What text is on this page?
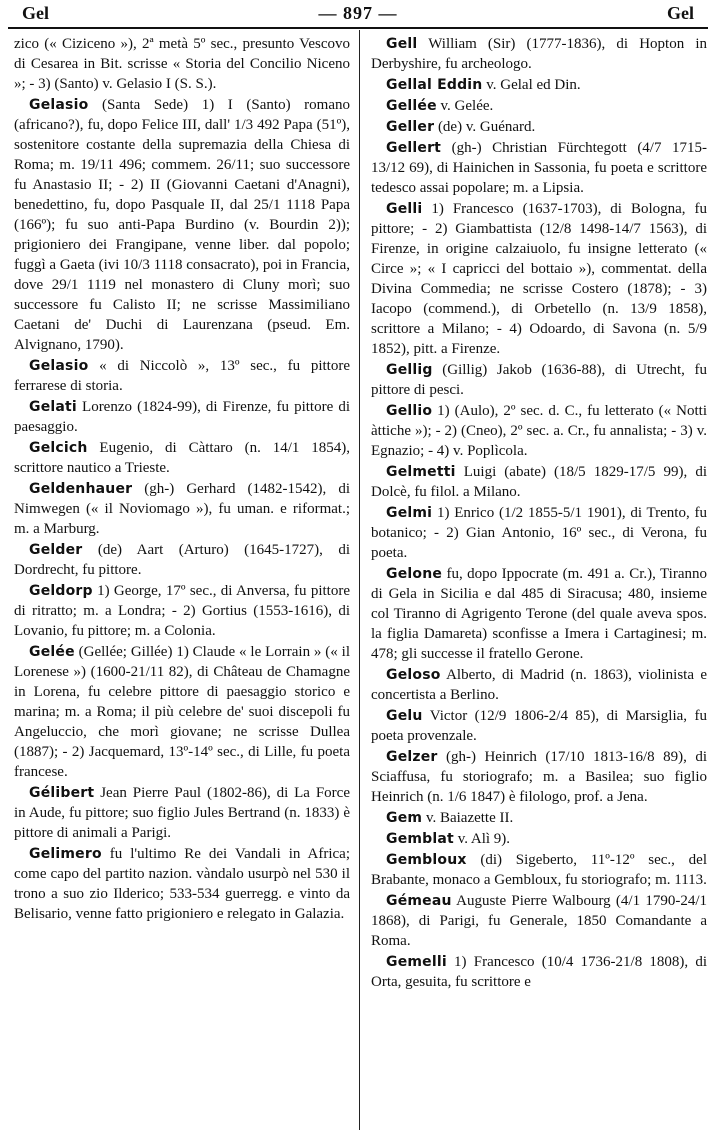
Gel	— 897 —	Gel

zico (« Ciziceno »), 2ª metà 5º sec., presunto Vescovo di Cesarea in Bit. scrisse « Storia del Concilio Niceno »; - 3) (Santo) v. Gelasio I (S. S.).

Gelasio (Santa Sede) 1) I (Santo) romano (africano?), fu, dopo Felice III, dall' 1/3 492 Papa (51º), sostenitore costante della supremazia della Chiesa di Roma; m. 19/11 496; commem. 26/11; suo successore fu Anastasio II; - 2) II (Giovanni Caetani d'Anagni), benedettino, fu, dopo Pasquale II, dal 25/1 1118 Papa (166º); fu suo anti-Papa Burdino (v. Bourdin 2)); prigioniero dei Frangipane, venne liber. dal popolo; fuggì a Gaeta (ivi 10/3 1118 consacrato), poi in Francia, dove 29/1 1119 nel monastero di Cluny morì; suo successore fu Calisto II; ne scrisse Massimiliano Caetani de' Duchi di Laurenzana (pseud. Em. Alvignano, 1790).

Gelasio « di Niccolò », 13º sec., fu pittore ferrarese di storia.

Gelati Lorenzo (1824-99), di Firenze, fu pittore di paesaggio.

Gelcich Eugenio, di Càttaro (n. 14/1 1854), scrittore nautico a Trieste.

Geldenhauer (gh-) Gerhard (1482-1542), di Nimwegen (« il Noviomago »), fu uman. e riformat.; m. a Marburg.

Gelder (de) Aart (Arturo) (1645-1727), di Dordrecht, fu pittore.

Geldorp 1) George, 17º sec., di Anversa, fu pittore di ritratto; m. a Londra; - 2) Gortius (1553-1616), di Lovanio, fu pittore; m. a Colonia.

Gelée (Gellée; Gillée) 1) Claude « le Lorrain » (« il Lorenese ») (1600-21/11 82), di Château de Chamagne in Lorena, fu celebre pittore di paesaggio storico e marina; m. a Roma; il più celebre de' suoi discepoli fu Angeluccio, che morì giovane; ne scrisse Dullea (1887); - 2) Jacquemard, 13º-14º sec., di Lille, fu poeta francese.

Gélibert Jean Pierre Paul (1802-86), di La Force in Aude, fu pittore; suo figlio Jules Bertrand (n. 1833) è pittore di animali a Parigi.

Gelimero fu l'ultimo Re dei Vandali in Africa; come capo del partito nazion. vàndalo usurpò nel 530 il trono a suo zio Ilderico; 533-534 guerregg. e vinto da Belisario, venne fatto prigioniero e relegato in Galazia.

Gell William (Sir) (1777-1836), di Hopton in Derbyshire, fu archeologo.

Gellal Eddin v. Gelal ed Din.

Gellée v. Gelée.

Geller (de) v. Guénard.

Gellert (gh-) Christian Fürchtegott (4/7 1715-13/12 69), di Hainichen in Sassonia, fu poeta e scrittore tedesco assai popolare; m. a Lipsia.

Gelli 1) Francesco (1637-1703), di Bologna, fu pittore; - 2) Giambattista (12/8 1498-14/7 1563), di Firenze, in origine calzaiuolo, fu insigne letterato (« Circe »; « I capricci del bottaio »), commentat. della Divina Commedia; ne scrisse Costero (1878); - 3) Iacopo (commend.), di Orbetello (n. 13/9 1858), scrittore a Milano; - 4) Odoardo, di Savona (n. 5/9 1852), pitt. a Firenze.

Gellig (Gillig) Jakob (1636-88), di Utrecht, fu pittore di pesci.

Gellio 1) (Aulo), 2º sec. d. C., fu letterato (« Notti àttiche »); - 2) (Cneo), 2º sec. a. Cr., fu annalista; - 3) v. Egnazio; - 4) v. Poplìcola.

Gelmetti Luigi (abate) (18/5 1829-17/5 99), di Dolcè, fu filol. a Milano.

Gelmi 1) Enrico (1/2 1855-5/1 1901), di Trento, fu botanico; - 2) Gian Antonio, 16º sec., di Verona, fu poeta.

Gelone fu, dopo Ippocrate (m. 491 a. Cr.), Tiranno di Gela in Sicilia e dal 485 di Siracusa; 480, insieme col Tiranno di Agrigento Terone (del quale aveva spos. la figlia Damareta) sconfisse a Imera i Cartaginesi; m. 478; gli successe il fratello Gerone.

Geloso Alberto, di Madrid (n. 1863), violinista e concertista a Berlino.

Gelu Victor (12/9 1806-2/4 85), di Marsiglia, fu poeta provenzale.

Gelzer (gh-) Heinrich (17/10 1813-16/8 89), di Sciaffusa, fu storiografo; m. a Basilea; suo figlio Heinrich (n. 1/6 1847) è filologo, prof. a Jena.

Gem v. Baiazette II.

Gemblat v. Alì 9).

Gembloux (di) Sigeberto, 11º-12º sec., del Brabante, monaco a Gembloux, fu storiografo; m. 1113.

Gémeau Auguste Pierre Walbourg (4/1 1790-24/1 1868), di Parigi, fu Generale, 1850 Comandante a Roma.

Gemelli 1) Francesco (10/4 1736-21/8 1808), di Orta, gesuita, fu scrittore e
